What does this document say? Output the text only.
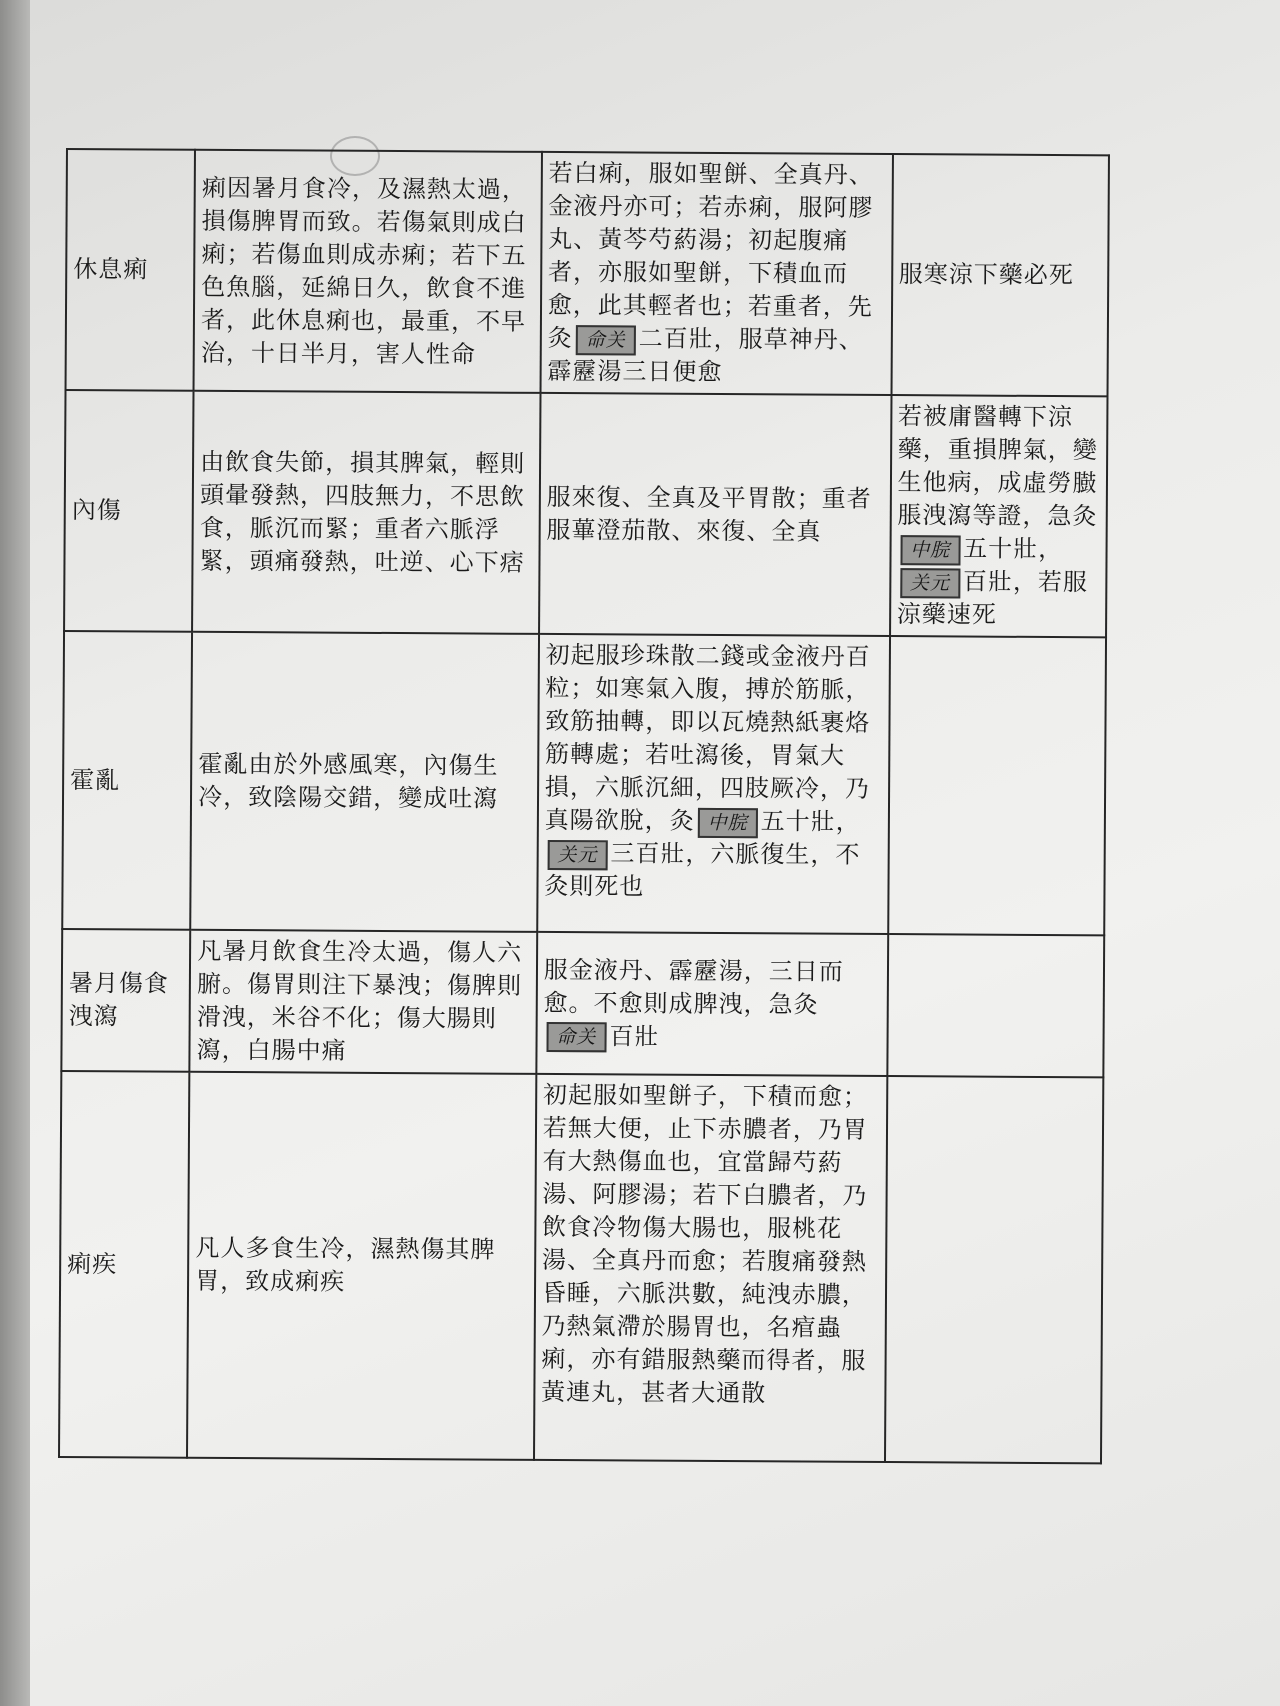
休息痢	痢因暑月食冷，及濕熱太過，損傷脾胃而致。若傷氣則成白痢；若傷血則成赤痢；若下五色魚腦，延綿日久，飲食不進者，此休息痢也，最重，不早治，十日半月，害人性命	若白痢，服如聖餅、全真丹、金液丹亦可；若赤痢，服阿膠丸、黃芩芍葯湯；初起腹痛者，亦服如聖餅，下積血而愈，此其輕者也；若重者，先灸 命关 二百壯，服草神丹、霹靂湯三日便愈	服寒涼下藥必死
內傷	由飲食失節，損其脾氣，輕則頭暈發熱，四肢無力，不思飲食，脈沉而緊；重者六脈浮緊，頭痛發熱，吐逆、心下痞	服來復、全真及平胃散；重者服蓽澄茄散、來復、全真	若被庸醫轉下涼藥，重損脾氣，變生他病，成虛勞臌脹洩瀉等證，急灸中脘 五十壯，关元 百壯，若服涼藥速死
霍亂	霍亂由於外感風寒，內傷生冷，致陰陽交錯，變成吐瀉	初起服珍珠散二錢或金液丹百粒；如寒氣入腹，搏於筋脈，致筋抽轉，即以瓦燒熱紙裹烙筋轉處；若吐瀉後，胃氣大損，六脈沉細，四肢厥冷，乃真陽欲脫，灸 中脘 五十壯，关元 三百壯，六脈復生，不灸則死也	
暑月傷食洩瀉	凡暑月飲食生冷太過，傷人六腑。傷胃則注下暴洩；傷脾則滑洩，米谷不化；傷大腸則瀉，白腸中痛	服金液丹、霹靂湯，三日而愈。不愈則成脾洩，急灸命关 百壯	
痢疾	凡人多食生冷，濕熱傷其脾胃，致成痢疾	初起服如聖餅子，下積而愈；若無大便，止下赤膿者，乃胃有大熱傷血也，宜當歸芍葯湯、阿膠湯；若下白膿者，乃飲食冷物傷大腸也，服桃花湯、全真丹而愈；若腹痛發熱昏睡，六脈洪數，純洩赤膿，乃熱氣滯於腸胃也，名痯蟲痢，亦有錯服熱藥而得者，服黃連丸，甚者大通散	
